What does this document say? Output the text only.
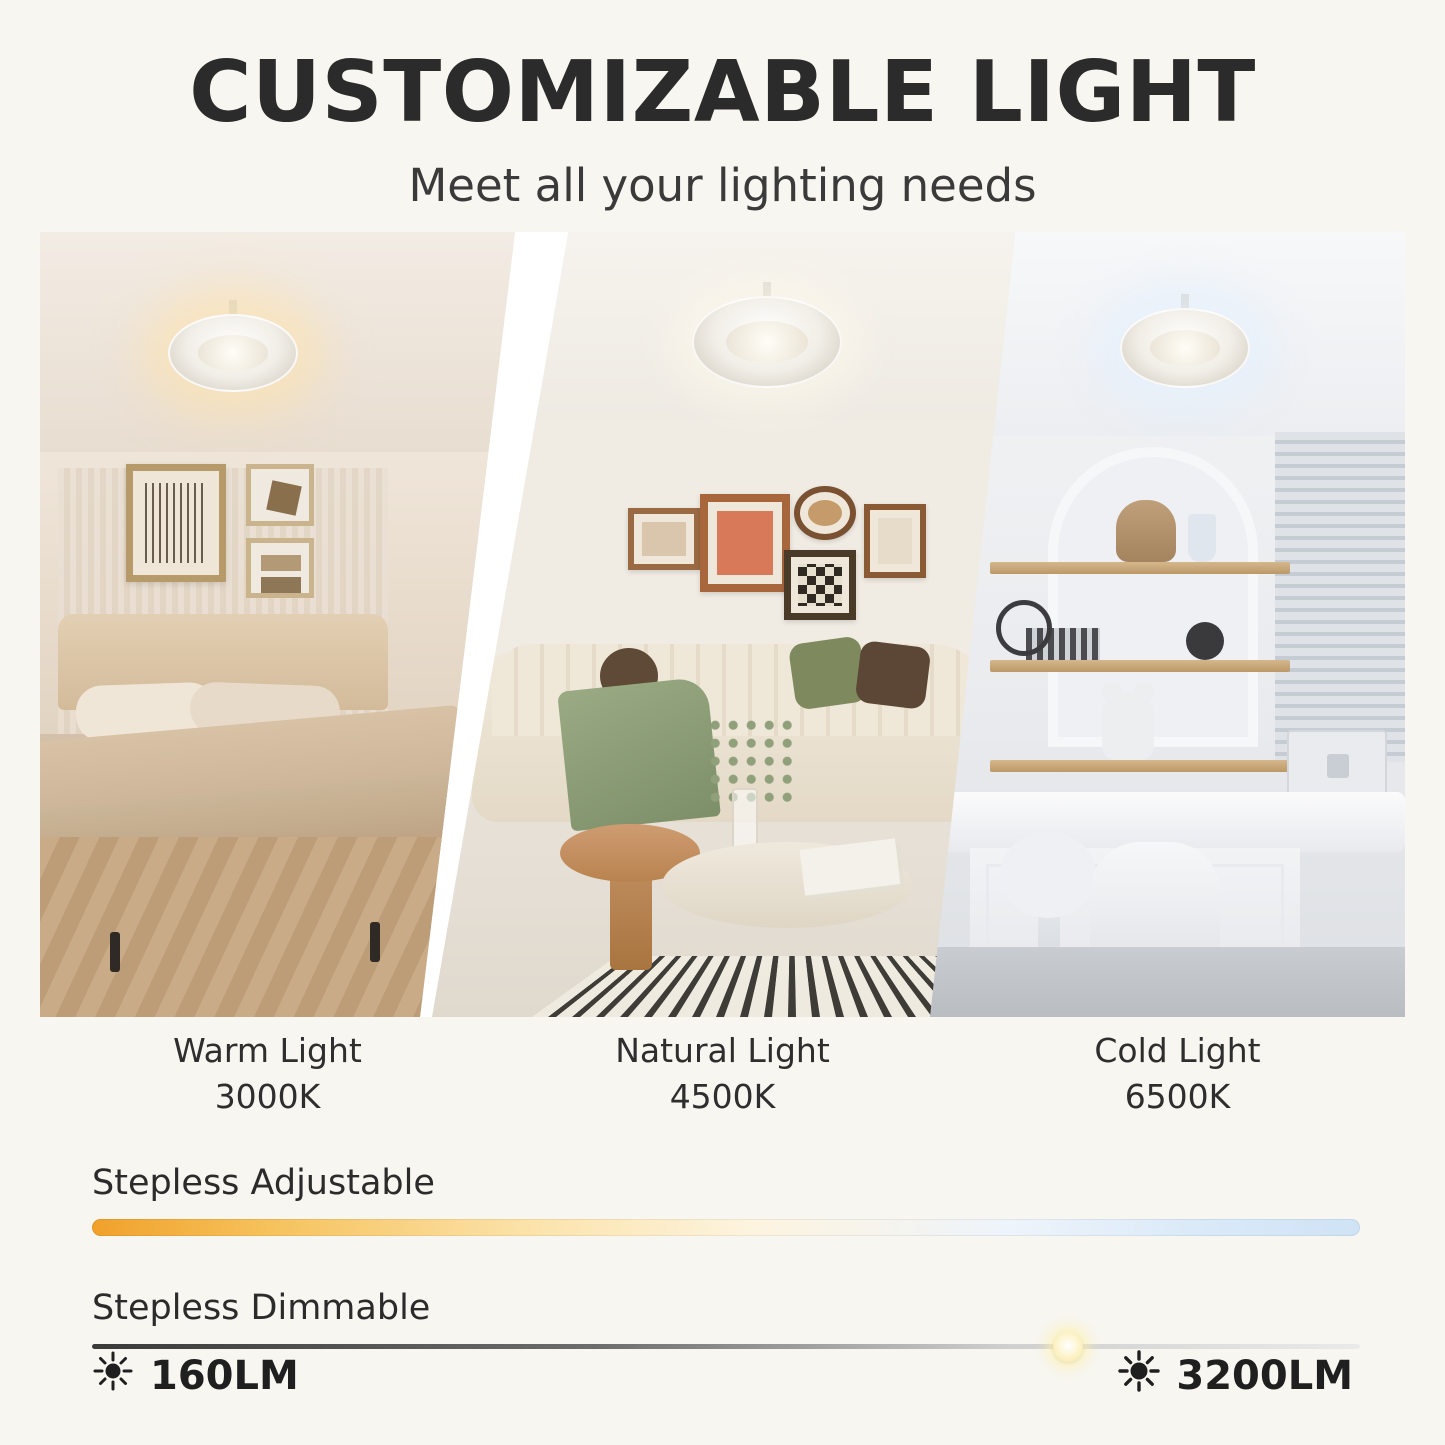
CUSTOMIZABLE LIGHT
Meet all your lighting needs
Warm Light
3000K
Natural Light
4500K
Cold Light
6500K
Stepless Adjustable
Stepless Dimmable
160LM	3200LM
